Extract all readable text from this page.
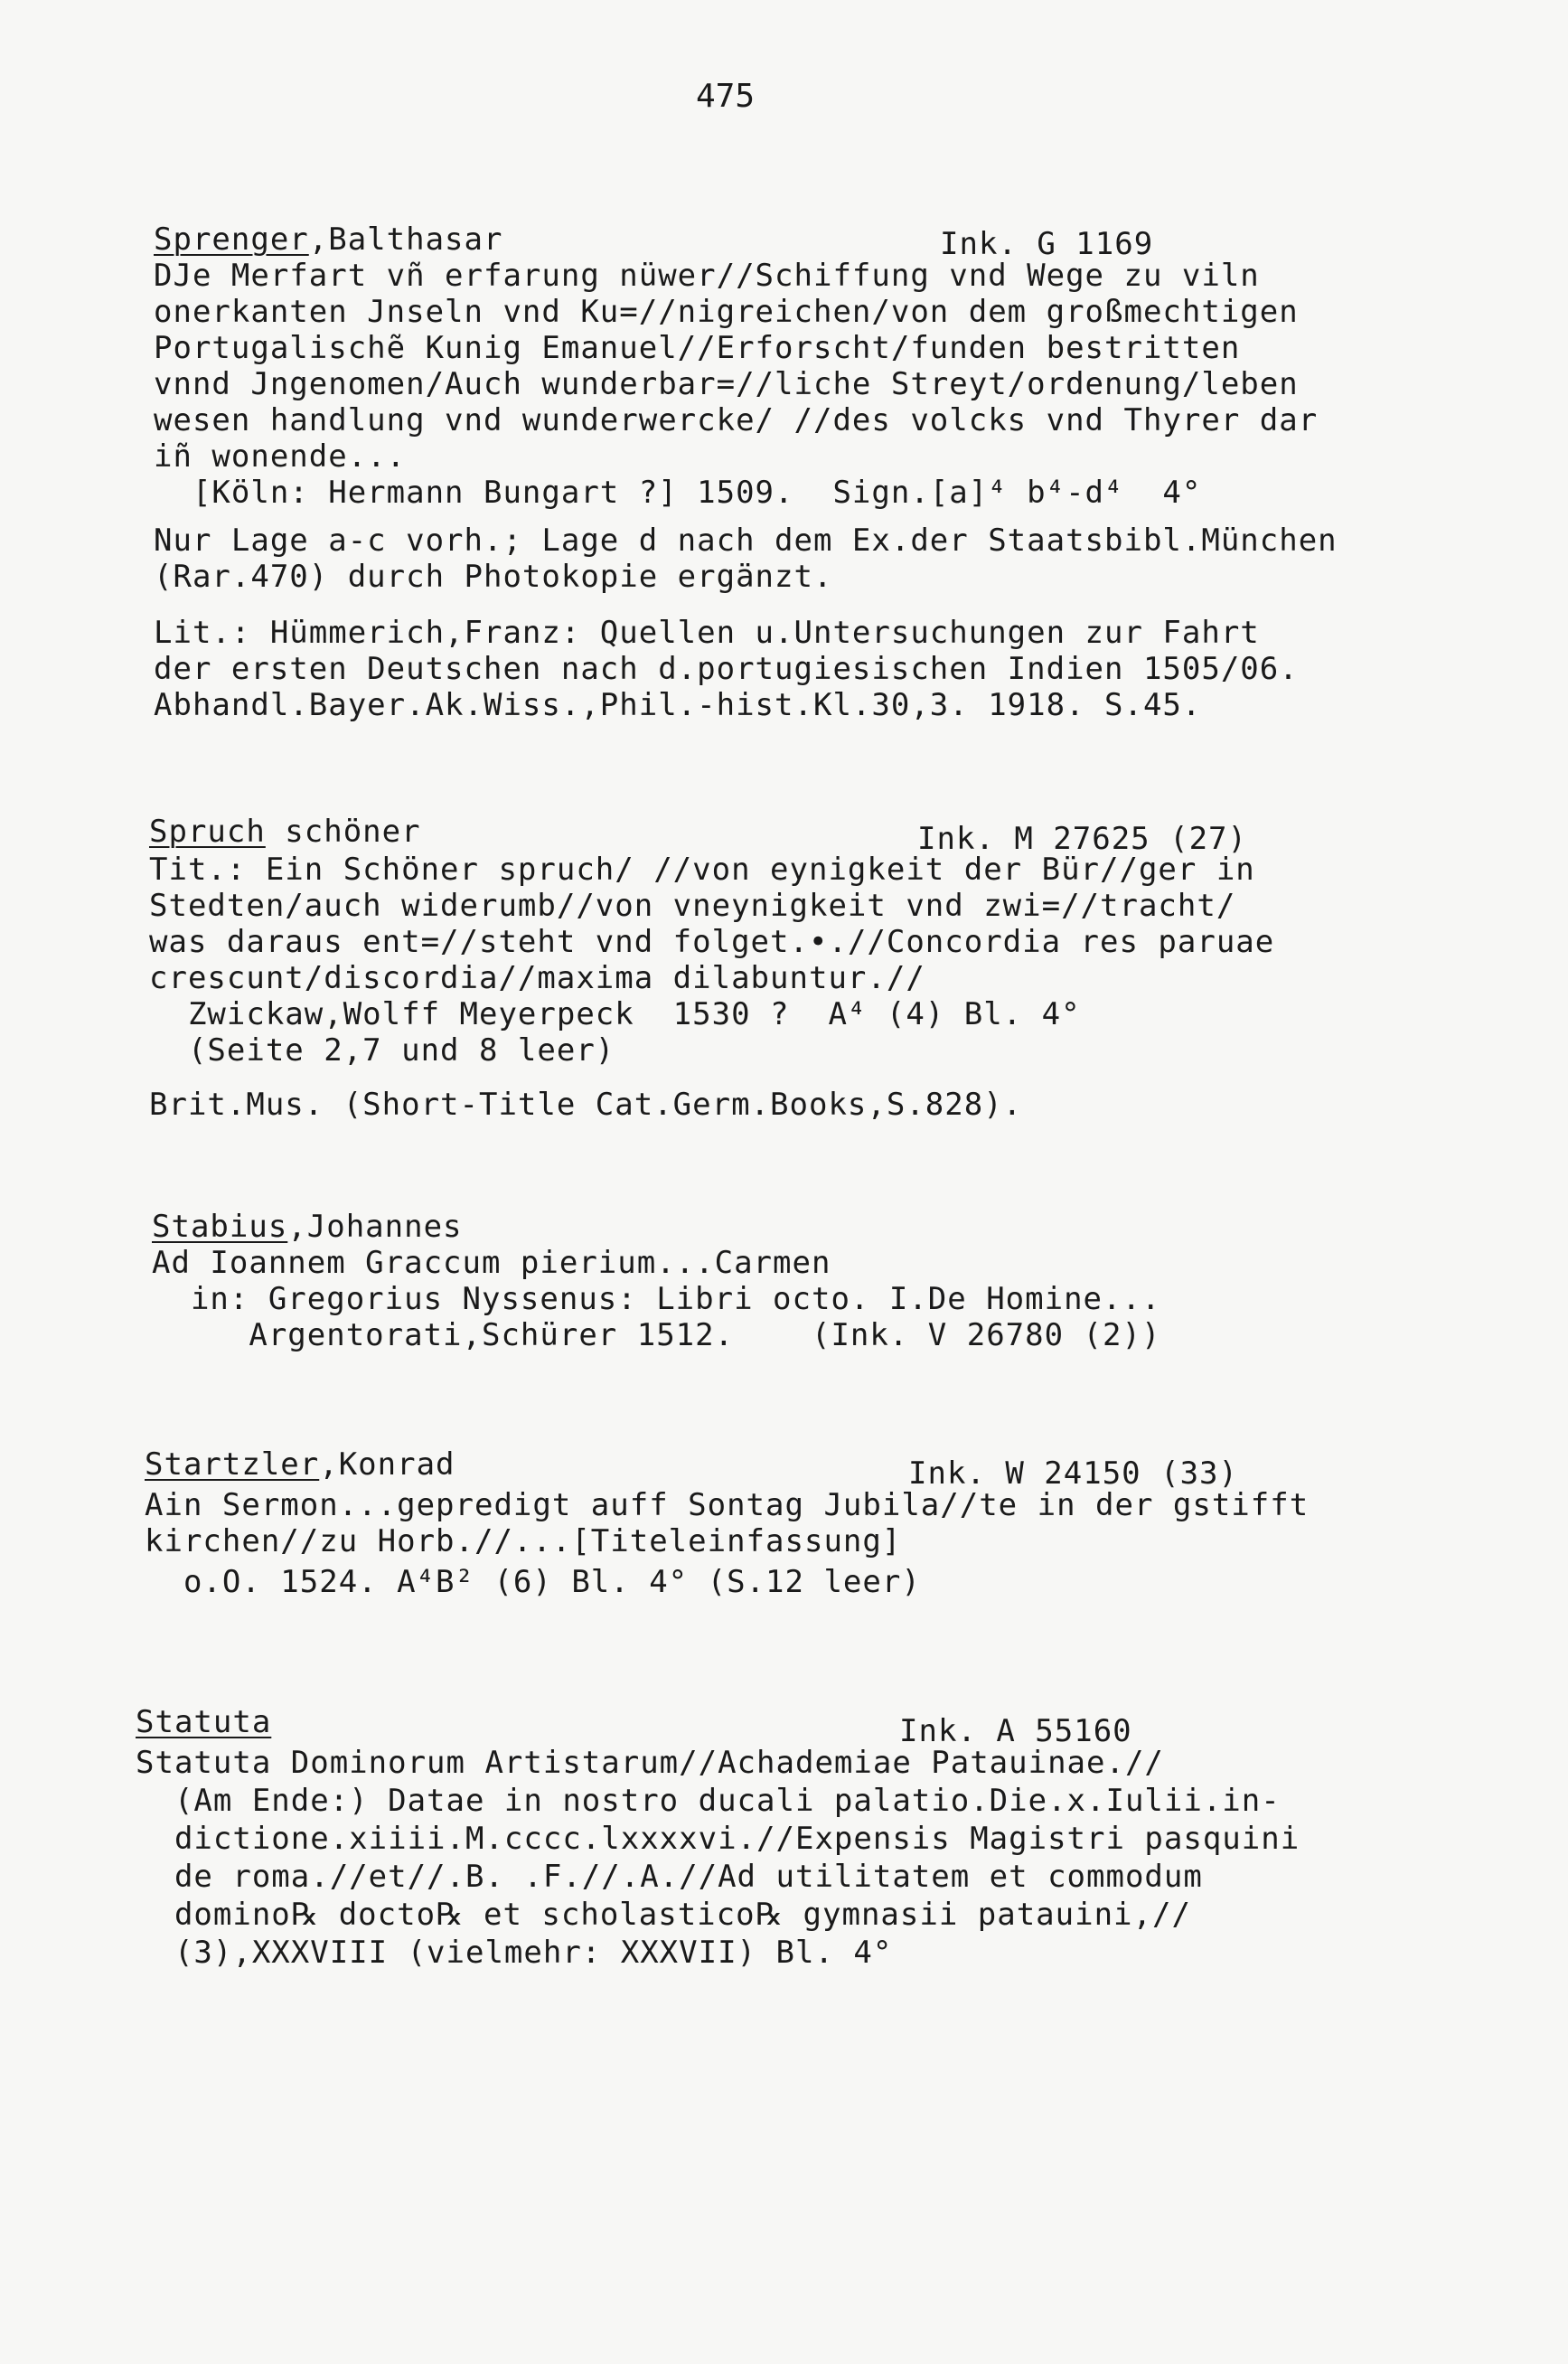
475
Sprenger,Balthasar	Ink. G 1169
DJe Merfart vñ erfarung nüwer//Schiffung vnd Wege zu viln
onerkanten Jnseln vnd Ku=//nigreichen/von dem großmechtigen
Portugalischẽ Kunig Emanuel//Erforscht/funden bestritten
vnnd Jngenomen/Auch wunderbar=//liche Streyt/ordenung/leben
wesen handlung vnd wunderwercke/ //des volcks vnd Thyrer dar
iñ wonende...
[Köln: Hermann Bungart ?] 1509.  Sign.[a]⁴ b⁴-d⁴  4°
Nur Lage a-c vorh.; Lage d nach dem Ex.der Staatsbibl.München
(Rar.470) durch Photokopie ergänzt.
Lit.: Hümmerich,Franz: Quellen u.Untersuchungen zur Fahrt
der ersten Deutschen nach d.portugiesischen Indien 1505/06.
Abhandl.Bayer.Ak.Wiss.,Phil.-hist.Kl.30,3. 1918. S.45.
Spruch schöner	Ink. M 27625 (27)
Tit.: Ein Schöner spruch/ //von eynigkeit der Bür//ger in
Stedten/auch widerumb//von vneynigkeit vnd zwi=//tracht/
was daraus ent=//steht vnd folget.•.//Concordia res paruae
crescunt/discordia//maxima dilabuntur.//
Zwickaw,Wolff Meyerpeck  1530 ?  A⁴ (4) Bl. 4°
(Seite 2,7 und 8 leer)
Brit.Mus. (Short-Title Cat.Germ.Books,S.828).
Stabius,Johannes
Ad Ioannem Graccum pierium...Carmen
in: Gregorius Nyssenus: Libri octo. I.De Homine...
Argentorati,Schürer 1512.    (Ink. V 26780 (2))
Startzler,Konrad	Ink. W 24150 (33)
Ain Sermon...gepredigt auff Sontag Jubila//te in der gstifft
kirchen//zu Horb.//...[Titeleinfassung]
o.O. 1524. A⁴B² (6) Bl. 4° (S.12 leer)
Statuta	Ink. A 55160
Statuta Dominorum Artistarum//Achademiae Patauinae.//
(Am Ende:) Datae in nostro ducali palatio.Die.x.Iulii.in-
dictione.xiiii.M.cccc.lxxxxvi.//Expensis Magistri pasquini
de roma.//et//.B. .F.//.A.//Ad utilitatem et commodum
domino℞ docto℞ et scholastico℞ gymnasii patauini,//
(3),XXXVIII (vielmehr: XXXVII) Bl. 4°
